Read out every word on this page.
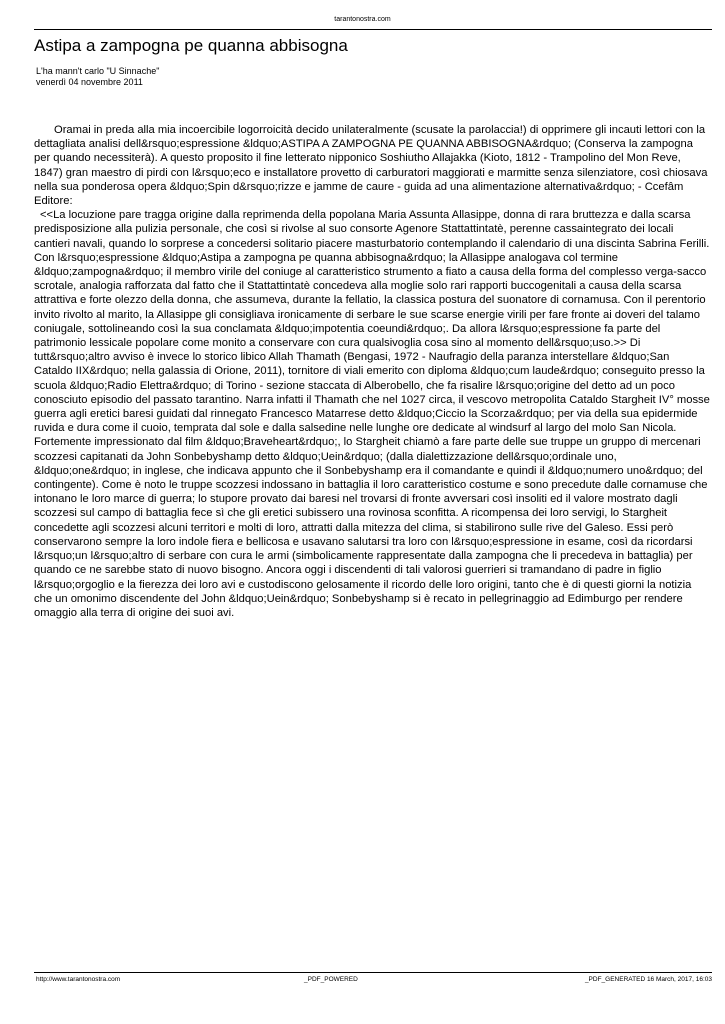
tarantonostra.com
Astipa a zampogna pe quanna abbisogna
L'ha mann't carlo "U Sinnache"
venerdì 04 novembre 2011

Oramai in preda alla mia incoercibile logorroicità decido unilateralmente (scusate la parolaccia!) di opprimere gli incauti lettori con la dettagliata analisi dell&rsquo;espressione &ldquo;ASTIPA A ZAMPOGNA PE QUANNA ABBISOGNA&rdquo; (Conserva la zampogna per quando necessiterà). A questo proposito il fine letterato nipponico Soshiutho Allajakka (Kioto, 1812 - Trampolino del Mon Reve, 1847) gran maestro di pirdi con l&rsquo;eco e installatore provetto di carburatori maggiorati e marmitte senza silenziatore, così chiosava nella sua ponderosa opera &ldquo;Spin d&rsquo;rizze e jamme de caure - guida ad una alimentazione alternativa&rdquo; - Ccefâm Editore:

<<La locuzione pare tragga origine dalla reprimenda della popolana Maria Assunta Allasippe, donna di rara bruttezza e dalla scarsa predisposizione alla pulizia personale, che così si rivolse al suo consorte Agenore Stattattintatè, perenne cassaintegrato dei locali cantieri navali, quando lo sorprese a concedersi solitario piacere masturbatorio contemplando il calendario di una discinta Sabrina Ferilli. Con l&rsquo;espressione &ldquo;Astipa a zampogna pe quanna abbisogna&rdquo; la Allasippe analogava col termine &ldquo;zampogna&rdquo; il membro virile del coniuge al caratteristico strumento a fiato a causa della forma del complesso verga-sacco scrotale, analogia rafforzata dal fatto che il Stattattintatè concedeva alla moglie solo rari rapporti buccogenitali a causa della scarsa attrattiva e forte olezzo della donna, che assumeva, durante la fellatio, la classica postura del suonatore di cornamusa. Con il perentorio invito rivolto al marito, la Allasippe gli consigliava ironicamente di serbare le sue scarse energie virili per fare fronte ai doveri del talamo coniugale, sottolineando così la sua conclamata &ldquo;impotentia coeundi&rdquo;. Da allora l&rsquo;espressione fa parte del patrimonio lessicale popolare come monito a conservare con cura qualsivoglia cosa sino al momento dell&rsquo;uso.>> Di tutt&rsquo;altro avviso è invece lo storico libico Allah Thamath (Bengasi, 1972 - Naufragio della paranza interstellare &ldquo;San Cataldo IIX&rdquo; nella galassia di Orione, 2011), tornitore di viali emerito con diploma &ldquo;cum laude&rdquo; conseguito presso la scuola &ldquo;Radio Elettra&rdquo; di Torino - sezione staccata di Alberobello, che fa risalire l&rsquo;origine del detto ad un poco conosciuto episodio del passato tarantino. Narra infatti il Thamath che nel 1027 circa, il vescovo metropolita Cataldo Stargheit IV° mosse guerra agli eretici baresi guidati dal rinnegato Francesco Matarrese detto &ldquo;Ciccio la Scorza&rdquo; per via della sua epidermide ruvida e dura come il cuoio, temprata dal sole e dalla salsedine nelle lunghe ore dedicate al windsurf al largo del molo San Nicola. Fortemente impressionato dal film &ldquo;Braveheart&rdquo;, lo Stargheit chiamò a fare parte delle sue truppe un gruppo di mercenari scozzesi capitanati da John Sonbebyshamp detto &ldquo;Uein&rdquo; (dalla dialettizzazione dell&rsquo;ordinale uno, &ldquo;one&rdquo; in inglese, che indicava appunto che il Sonbebyshamp era il comandante e quindi il &ldquo;numero uno&rdquo; del contingente). Come è noto le truppe scozzesi indossano in battaglia il loro caratteristico costume e sono precedute dalle cornamuse che intonano le loro marce di guerra; lo stupore provato dai baresi nel trovarsi di fronte avversari così insoliti ed il valore mostrato dagli scozzesi sul campo di battaglia fece sì che gli eretici subissero una rovinosa sconfitta. A ricompensa dei loro servigi, lo Stargheit concedette agli scozzesi alcuni territori e molti di loro, attratti dalla mitezza del clima, si stabilirono sulle rive del Galeso. Essi però conservarono sempre la loro indole fiera e bellicosa e usavano salutarsi tra loro con l&rsquo;espressione in esame, così da ricordarsi l&rsquo;un l&rsquo;altro di serbare con cura le armi (simbolicamente rappresentate dalla zampogna che li precedeva in battaglia) per quando ce ne sarebbe stato di nuovo bisogno. Ancora oggi i discendenti di tali valorosi guerrieri si tramandano di padre in figlio l&rsquo;orgoglio e la fierezza dei loro avi e custodiscono gelosamente il ricordo delle loro origini, tanto che è di questi giorni la notizia che un omonimo discendente del John &ldquo;Uein&rdquo; Sonbebyshamp si è recato in pellegrinaggio ad Edimburgo per rendere omaggio alla terra di origine dei suoi avi.

http://www.tarantonostra.com	_PDF_POWERED	_PDF_GENERATED 16 March, 2017, 16:03
